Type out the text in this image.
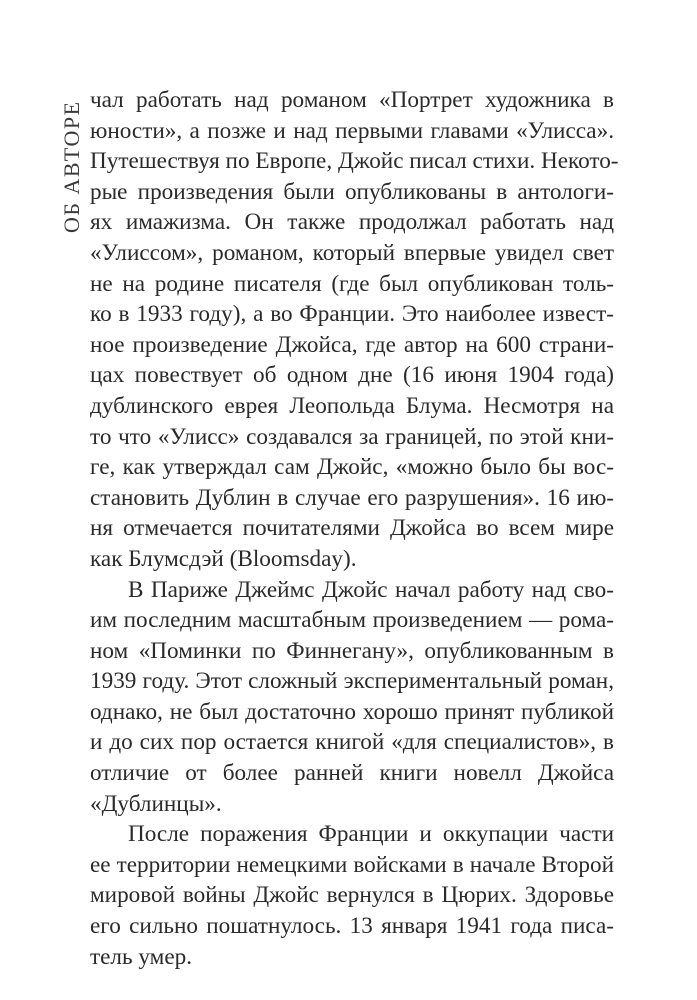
ОБ АВТОРЕ чал работать над романом «Портрет художника в
юности», а позже и над первыми главами «Улисса».
Путешествуя по Европе, Джойс писал стихи. Некото-
рые произведения были опубликованы в антологи-
ях имажизма. Он также продолжал работать над
«Улиссом», романом, который впервые увидел свет
не на родине писателя (где был опубликован толь-
ко в 1933 году), а во Франции. Это наиболее извест-
ное произведение Джойса, где автор на 600 страни-
цах повествует об одном дне (16 июня 1904 года)
дублинского еврея Леопольда Блума. Несмотря на
то что «Улисс» создавался за границей, по этой кни-
ге, как утверждал сам Джойс, «можно было бы вос-
становить Дублин в случае его разрушения». 16 ию-
ня отмечается почитателями Джойса во всем мире
как Блумсдэй (Bloomsday).

В Париже Джеймс Джойс начал работу над сво-
им последним масштабным произведением — рома-
ном «Поминки по Финнегану», опубликованным в
1939 году. Этот сложный экспериментальный роман,
однако, не был достаточно хорошо принят публикой
и до сих пор остается книгой «для специалистов», в
отличие от более ранней книги новелл Джойса
«Дублинцы».

После поражения Франции и оккупации части
ее территории немецкими войсками в начале Второй
мировой войны Джойс вернулся в Цюрих. Здоровье
его сильно пошатнулось. 13 января 1941 года писа-
тель умер.
